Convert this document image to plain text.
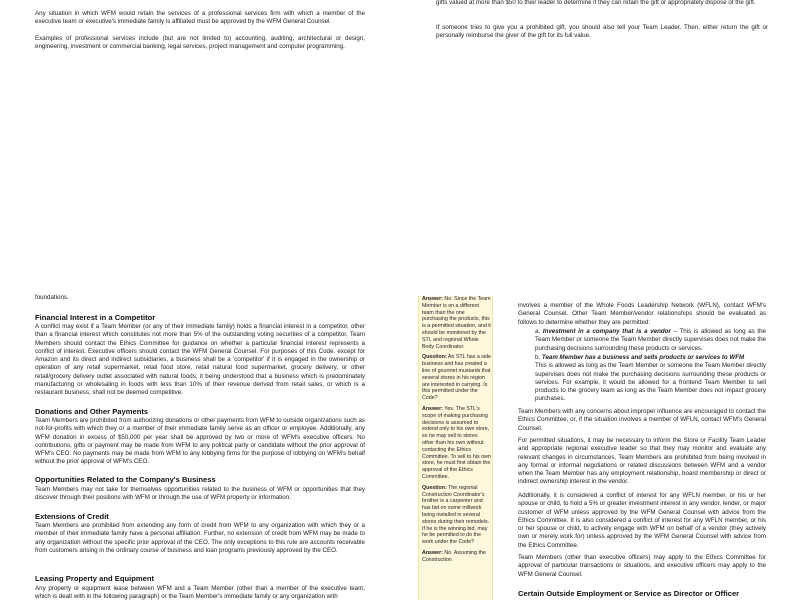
Any situation in which WFM would retain the services of a professional services firm with which a member of the executive team or executive's immediate family is affiliated must be approved by the WFM General Counsel.
Examples of professional services include (but are not limited to) accounting, auditing, architectural or design, engineering, investment or commercial banking, legal services, project management and computer programming.
gifts valued at more than $50 to their leader to determine if they can retain the gift or appropriately dispose of the gift.
If someone tries to give you a prohibited gift, you should also tell your Team Leader. Then, either return the gift or personally reimburse the giver of the gift for its full value.
foundations.
Financial Interest in a Competitor
A conflict may exist if a Team Member (or any of their immediate family) holds a financial interest in a competitor, other than a financial interest which constitutes not more than 5% of the outstanding voting securities of a competitor. Team Members should contact the Ethics Committee for guidance on whether a particular financial interest represents a conflict of interest. Executive officers should contact the WFM General Counsel. For purposes of this Code, except for Amazon and its direct and indirect subsidiaries, a business shall be a 'competitor' if it is engaged in the ownership or operation of any retail supermarket, retail food store, retail natural food supermarket, grocery delivery, or other retail/grocery delivery outlet associated with natural foods; it being understood that a business which is predominately manufacturing or wholesaling in foods with less than 10% of their revenue derived from retail sales, or which is a restaurant business, shall not be deemed competitive.
Donations and Other Payments
Team Members are prohibited from authorizing donations or other payments from WFM to outside organizations such as not-for-profits with which they or a member of their immediate family serve as an officer or employee. Additionally, any WFM donation in excess of $50,000 per year shall be approved by two or more of WFM's executive officers. No contributions, gifts or payment may be made from WFM to any political party or candidate without the prior approval of WFM's CEO. No payments may be made from WFM to any lobbying firms for the purpose of lobbying on WFM's behalf without the prior approval of WFM's CEO.
Opportunities Related to the Company's Business
Team Members may not take for themselves opportunities related to the business of WFM or opportunities that they discover through their positions with WFM or through the use of WFM property or information.
Extensions of Credit
Team Members are prohibited from extending any form of credit from WFM to any organization with which they or a member of their immediate family have a personal affiliation. Further, no extension of credit from WFM may be made to any organization without the specific prior approval of the CEO. The only exceptions to this rule are accounts receivable from customers arising in the ordinary course of business and loan programs previously approved by the CEO.
Leasing Property and Equipment
Any property or equipment lease between WFM and a Team Member (other than a member of the executive team, which is dealt with in the following paragraph) or the Team Member's immediate family or any organization with

Answer: No. Since the Team Member is on a different team than the one purchasing the products, this is a permitted situation, and it should be monitored by the STL and regional Whole Body Coordinator.

Question: An STL has a side business and has created a line of gourmet mustards that several stores in his region are interested in carrying. Is this permitted under the Code?

Answer: Yes. The STL's scope of making purchasing decisions is assumed to extend only to his own store, so he may sell to stores other than his own without contacting the Ethics Committee. To sell to his own store, he must first obtain the approval of the Ethics Committee.

Question: The regional Construction Coordinator's brother is a carpenter and has bid on some millwork being installed in several stores during their remodels. If he is the winning bid, may he be permitted to do the work under the Code?

Answer: No. Assuming the Construction

involves a member of the Whole Foods Leadership Network (WFLN), contact WFM's General Counsel. Other Team Member/vendor relationships should be evaluated as follows to determine whether they are permitted:
a. Investment in a company that is a vendor – This is allowed as long as the Team Member or someone the Team Member directly supervises does not make the purchasing decisions surrounding these products or services.
b. Team Member has a business and sells products or services to WFM
This is allowed as long as the Team Member or someone the Team Member directly supervises does not make the purchasing decisions surrounding these products or services. For example, it would be allowed for a frontend Team Member to sell products to the grocery team as long as the Team Member does not impact grocery purchases.
Team Members with any concerns about improper influence are encouraged to contact the Ethics Committee, or, if the situation involves a member of WFLN, contact WFM's General Counsel.
For permitted situations, it may be necessary to inform the Store or Facility Team Leader and appropriate regional executive leader so that they may monitor and evaluate any relevant changes in circumstances. Team Members are prohibited from being involved in any formal or informal negotiations or related discussions between WFM and a vendor when the Team Member has any employment relationship, board membership or direct or indirect ownership interest in the vendor.
Additionally, it is considered a conflict of interest for any WFLN member, or his or her spouse or child, to hold a 5% or greater investment interest in any vendor, lender, or major customer of WFM unless approved by the WFM General Counsel with advice from the Ethics Committee. It is also considered a conflict of interest for any WFLN member, or his or her spouse or child, to actively engage with WFM on behalf of a vendor (they actively own or merely work for) unless approved by the WFM General Counsel with advice from the Ethics Committee.
Team Members (other than executive officers) may apply to the Ethics Committee for approval of particular transactions or situations, and executive officers may apply to the WFM General Counsel.
Certain Outside Employment or Service as Director or Officer
